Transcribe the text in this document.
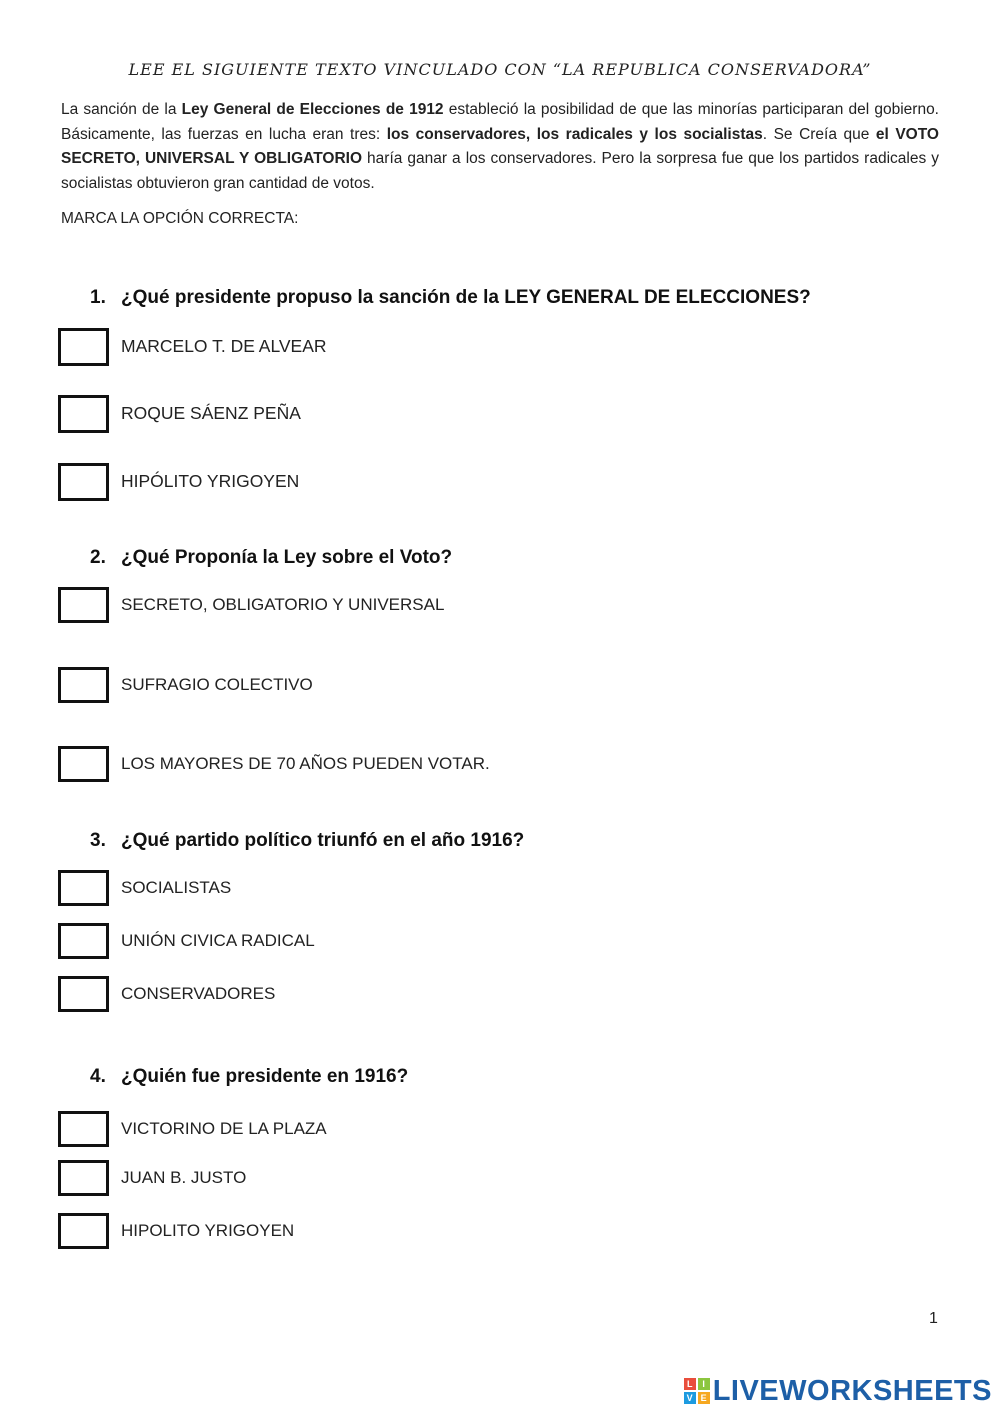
LEE EL SIGUIENTE TEXTO VINCULADO CON “LA REPUBLICA CONSERVADORA”
La sanción de la Ley General de Elecciones de 1912 estableció la posibilidad de que las minorías participaran del gobierno. Básicamente, las fuerzas en lucha eran tres: los conservadores, los radicales y los socialistas. Se Creía que el VOTO SECRETO, UNIVERSAL Y OBLIGATORIO haría ganar a los conservadores. Pero la sorpresa fue que los partidos radicales y socialistas obtuvieron gran cantidad de votos.
MARCA LA OPCIÓN CORRECTA:
1. ¿Qué presidente propuso la sanción de la LEY GENERAL DE ELECCIONES?
MARCELO T. DE ALVEAR
ROQUE SÁENZ PEÑA
HIPÓLITO YRIGOYEN
2. ¿Qué Proponía la Ley sobre el Voto?
SECRETO, OBLIGATORIO Y UNIVERSAL
SUFRAGIO COLECTIVO
LOS MAYORES DE 70 AÑOS PUEDEN VOTAR.
3. ¿Qué partido político triunfó en el año 1916?
SOCIALISTAS
UNIÓN CIVICA RADICAL
CONSERVADORES
4. ¿Quién fue presidente en 1916?
VICTORINO DE LA PLAZA
JUAN B. JUSTO
HIPOLITO YRIGOYEN
1
L	I
V E LIVEWORKSHEETS
